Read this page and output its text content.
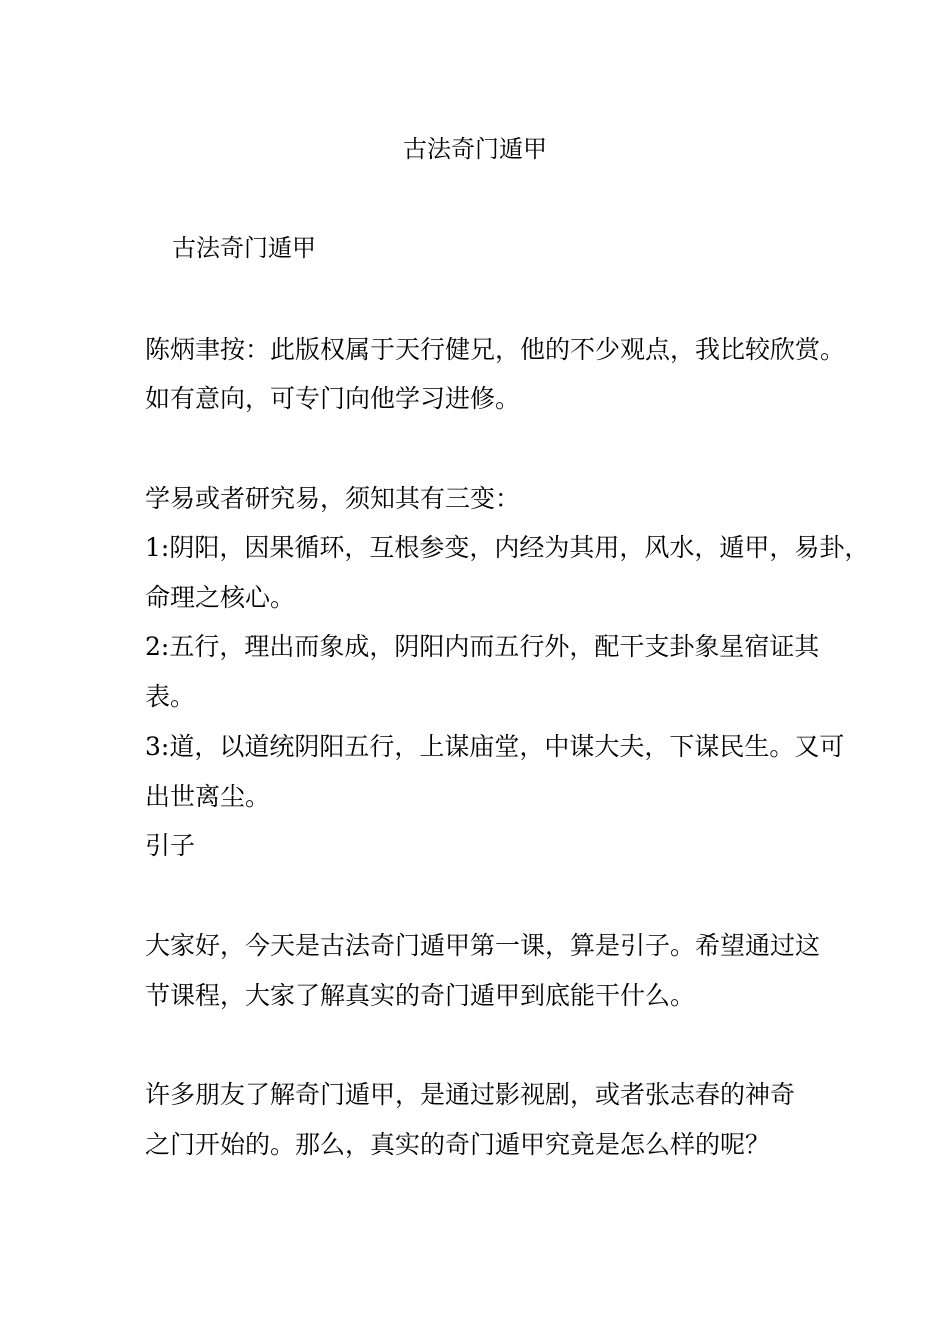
古法奇门遁甲
古法奇门遁甲
陈炳聿按：此版权属于天行健兄，他的不少观点，我比较欣赏。
如有意向，可专门向他学习进修。
学易或者研究易，须知其有三变：
1:阴阳，因果循环，互根参变，内经为其用，风水，遁甲，易卦，
命理之核心。
2:五行，理出而象成，阴阳内而五行外，配干支卦象星宿证其
表。
3:道，以道统阴阳五行，上谋庙堂，中谋大夫，下谋民生。又可
出世离尘。
引子
大家好，今天是古法奇门遁甲第一课，算是引子。希望通过这
节课程，大家了解真实的奇门遁甲到底能干什么。
许多朋友了解奇门遁甲，是通过影视剧，或者张志春的神奇
之门开始的。那么，真实的奇门遁甲究竟是怎么样的呢？
